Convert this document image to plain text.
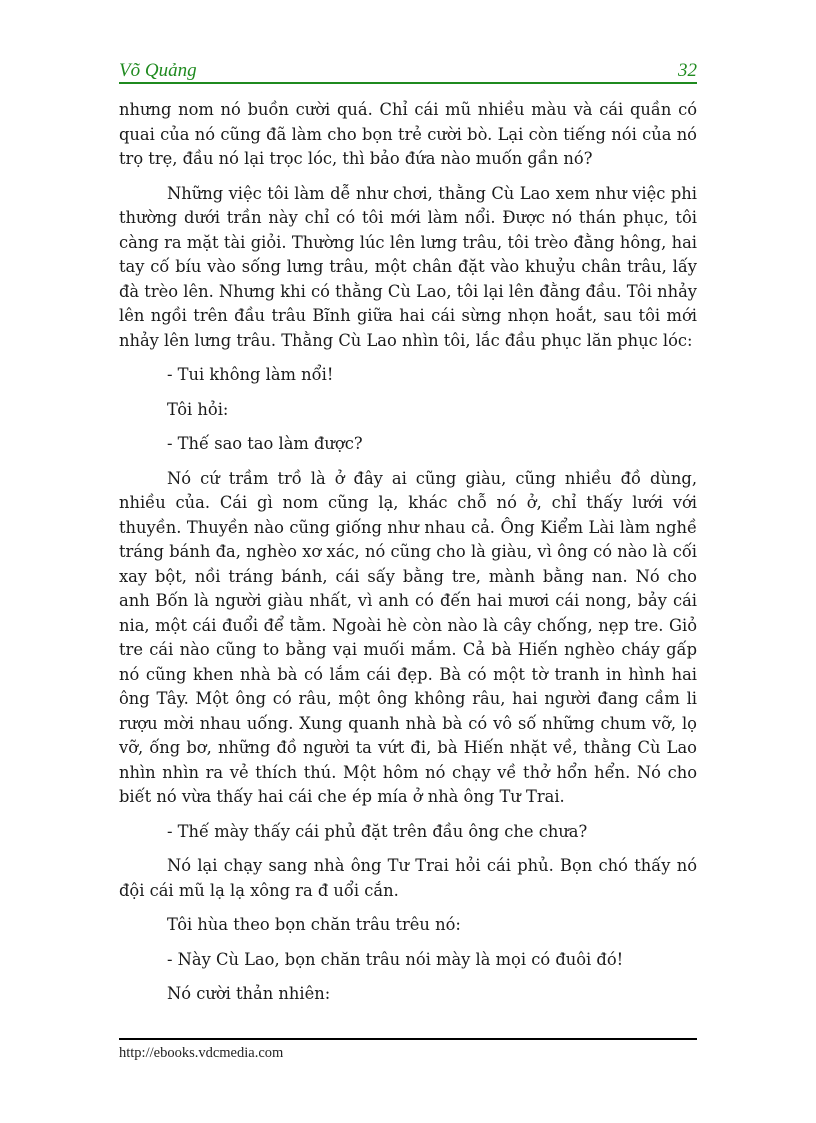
Võ Quảng	32

nhưng nom nó buồn cười quá. Chỉ cái mũ nhiều màu và cái quần có quai của nó cũng đã làm cho bọn trẻ cười bò. Lại còn tiếng nói của nó trọ trẹ, đầu nó lại trọc lóc, thì bảo đứa nào muốn gần nó?

Những việc tôi làm dễ như chơi, thằng Cù Lao xem như việc phi thường dưới trần này chỉ có tôi mới làm nổi. Được nó thán phục, tôi càng ra mặt tài giỏi. Thường lúc lên lưng trâu, tôi trèo đằng hông, hai tay cố bíu vào sống lưng trâu, một chân đặt vào khuỷu chân trâu, lấy đà trèo lên. Nhưng khi có thằng Cù Lao, tôi lại lên đằng đầu. Tôi nhảy lên ngồi trên đầu trâu Bĩnh giữa hai cái sừng nhọn hoắt, sau tôi mới nhảy lên lưng trâu. Thằng Cù Lao nhìn tôi, lắc đầu phục lăn phục lóc:

- Tui không làm nổi!

Tôi hỏi:

- Thế sao tao làm được?

Nó cứ trầm trồ là ở đây ai cũng giàu, cũng nhiều đồ dùng, nhiều của. Cái gì nom cũng lạ, khác chỗ nó ở, chỉ thấy lưới với thuyền. Thuyền nào cũng giống như nhau cả. Ông Kiểm Lài làm nghề tráng bánh đa, nghèo xơ xác, nó cũng cho là giàu, vì ông có nào là cối xay bột, nồi tráng bánh, cái sấy bằng tre, mành bằng nan. Nó cho anh Bốn là người giàu nhất, vì anh có đến hai mươi cái nong, bảy cái nia, một cái đuổi để tằm. Ngoài hè còn nào là cây chống, nẹp tre. Giỏ tre cái nào cũng to bằng vại muối mắm. Cả bà Hiến nghèo cháy gấp nó cũng khen nhà bà có lắm cái đẹp. Bà có một tờ tranh in hình hai ông Tây. Một ông có râu, một ông không râu, hai người đang cầm li rượu mời nhau uống. Xung quanh nhà bà có vô số những chum vỡ, lọ vỡ, ống bơ, những đồ người ta vứt đi, bà Hiến nhặt về, thằng Cù Lao nhìn nhìn ra vẻ thích thú. Một hôm nó chạy về thở hổn hển. Nó cho biết nó vừa thấy hai cái che ép mía ở nhà ông Tư Trai.

- Thế mày thấy cái phủ đặt trên đầu ông che chưa?

Nó lại chạy sang nhà ông Tư Trai hỏi cái phủ. Bọn chó thấy nó đội cái mũ lạ lạ xông ra đ uổi cắn.

Tôi hùa theo bọn chăn trâu trêu nó:

- Này Cù Lao, bọn chăn trâu nói mày là mọi có đuôi đó!

Nó cười thản nhiên:

http://ebooks.vdcmedia.com
